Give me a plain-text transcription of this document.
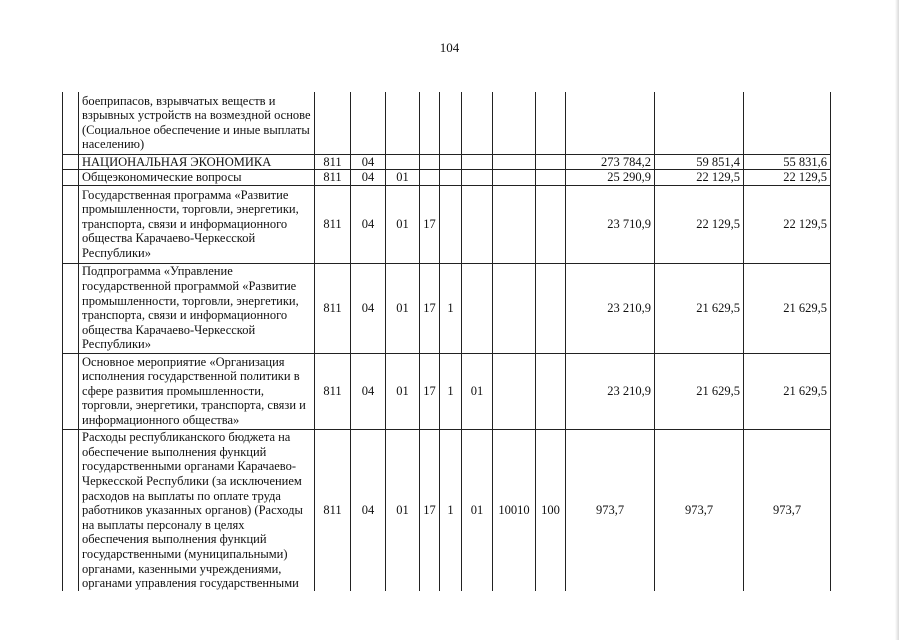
104
	боеприпасов, взрывчатых веществ и взрывных устройств на возмездной основе (Социальное обеспечение и иные выплаты населению)											
	НАЦИОНАЛЬНАЯ ЭКОНОМИКА	811	04							273 784,2	59 851,4	55 831,6
	Общеэкономические вопросы	811	04	01						25 290,9	22 129,5	22 129,5
	Государственная программа «Развитие промышленности, торговли, энергетики, транспорта, связи и информационного общества Карачаево-Черкесской Республики»	811	04	01	17					23 710,9	22 129,5	22 129,5
	Подпрограмма «Управление государственной программой «Развитие промышленности, торговли, энергетики, транспорта, связи и информационного общества Карачаево-Черкесской Республики»	811	04	01	17	1				23 210,9	21 629,5	21 629,5
	Основное мероприятие «Организация исполнения государственной политики в сфере развития промышленности, торговли, энергетики, транспорта, связи и информационного общества»	811	04	01	17	1	01			23 210,9	21 629,5	21 629,5
	Расходы республиканского бюджета на обеспечение выполнения функций государственными органами Карачаево-Черкесской Республики (за исключением расходов на выплаты по оплате труда работников указанных органов) (Расходы на выплаты персоналу в целях обеспечения выполнения функций государственными (муниципальными) органами, казенными учреждениями, органами управления государственными	811	04	01	17	1	01	10010	100	973,7	973,7	973,7
